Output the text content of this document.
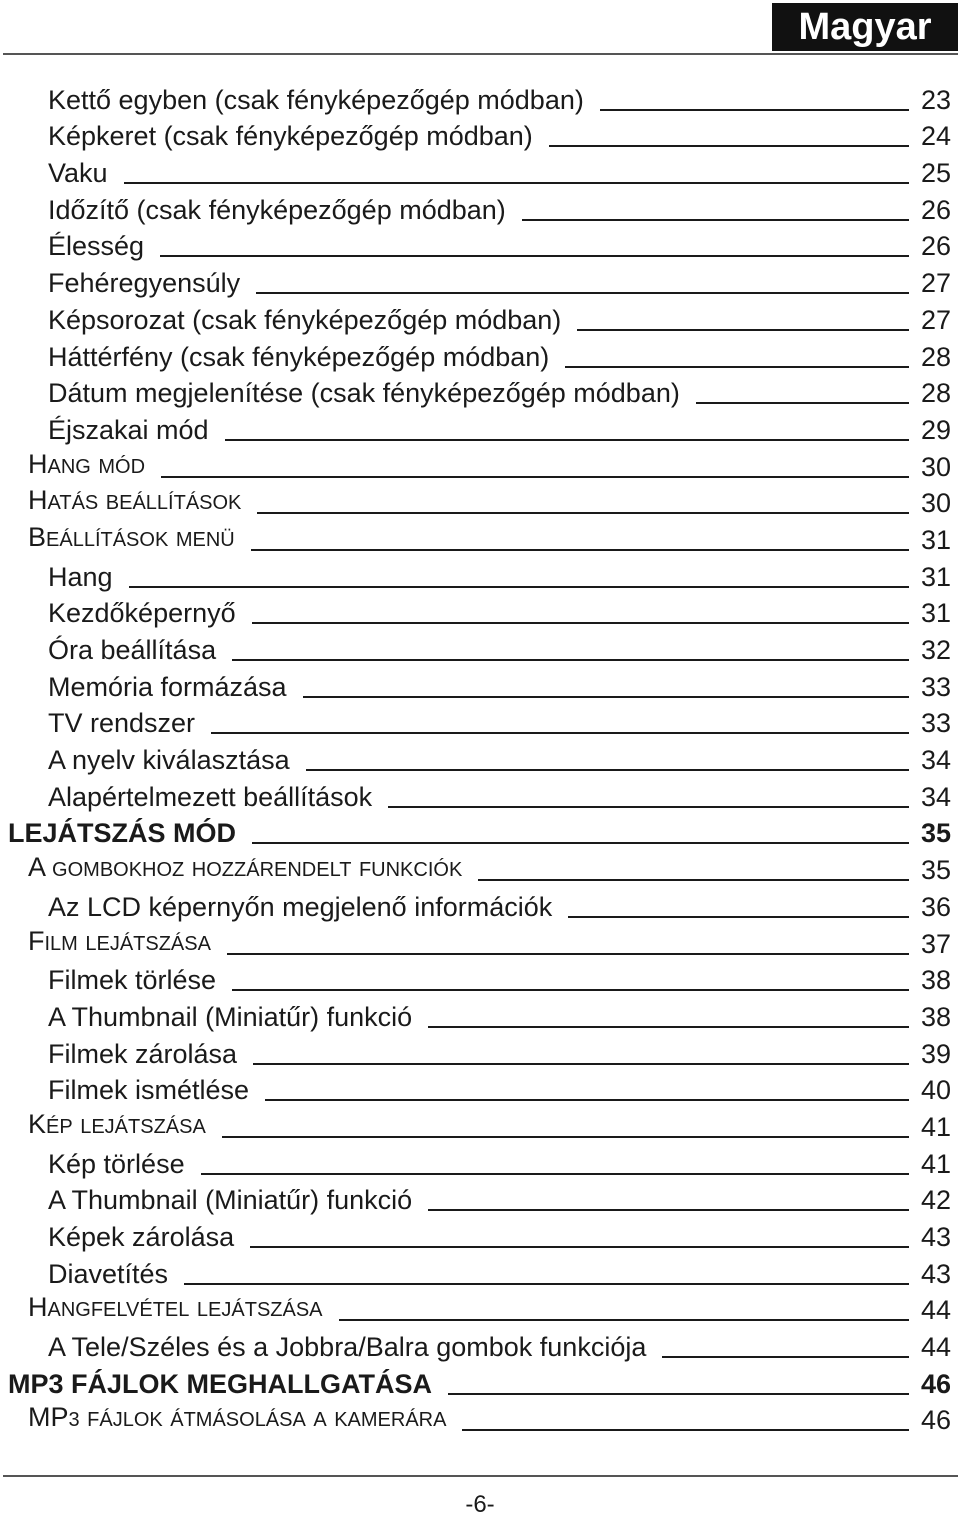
Magyar
Kettő egyben (csak fényképezőgép módban)	23
Képkeret (csak fényképezőgép módban)	24
Vaku	25
Időzítő (csak fényképezőgép módban)	26
Élesség	26
Fehéregyensúly	27
Képsorozat (csak fényképezőgép módban)	27
Háttérfény (csak fényképezőgép módban)	28
Dátum megjelenítése (csak fényképezőgép módban)	28
Éjszakai mód	29
HANG MÓD	30
HATÁS BEÁLLÍTÁSOK	30
BEÁLLÍTÁSOK MENÜ	31
Hang	31
Kezdőképernyő	31
Óra beállítása	32
Memória formázása	33
TV rendszer	33
A nyelv kiválasztása	34
Alapértelmezett beállítások	34
LEJÁTSZÁS MÓD	35
A GOMBOKHOZ HOZZÁRENDELT FUNKCIÓK	35
Az LCD képernyőn megjelenő információk	36
FILM LEJÁTSZÁSA	37
Filmek törlése	38
A Thumbnail (Miniatűr) funkció	38
Filmek zárolása	39
Filmek ismétlése	40
KÉP LEJÁTSZÁSA	41
Kép törlése	41
A Thumbnail (Miniatűr) funkció	42
Képek zárolása	43
Diavetítés	43
HANGFELVÉTEL LEJÁTSZÁSA	44
A Tele/Széles és a Jobbra/Balra gombok funkciója	44
MP3 FÁJLOK MEGHALLGATÁSA	46
MP3 FÁJLOK ÁTMÁSOLÁSA A KAMERÁRA	46
-6-
